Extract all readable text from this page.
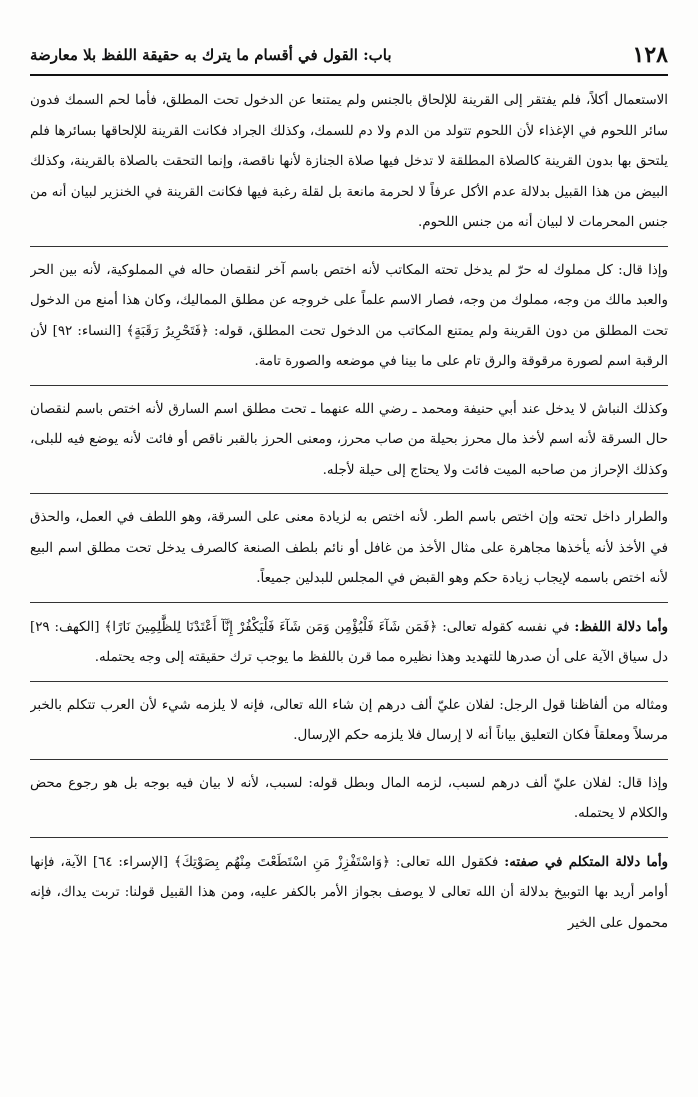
١٢٨
باب: القول في أقسام ما يترك به حقيقة اللفظ بلا معارضة

الاستعمال أكلاً، فلم يفتقر إلى القرينة للإلحاق بالجنس ولم يمتنعا عن الدخول تحت المطلق، فأما لحم السمك فدون سائر اللحوم في الإغذاء لأن اللحوم تتولد من الدم ولا دم للسمك، وكذلك الجراد فكانت القرينة للإلحاقها بسائرها فلم يلتحق بها بدون القرينة كالصلاة المطلقة لا تدخل فيها صلاة الجنازة لأنها ناقصة، وإنما التحقت بالصلاة بالقرينة، وكذلك البيض من هذا القبيل بدلالة عدم الأكل عرفاً لا لحرمة مانعة بل لقلة رغبة فيها فكانت القرينة في الخنزير لبيان أنه من جنس المحرمات لا لبيان أنه من جنس اللحوم.

وإذا قال: كل مملوك له حرّ لم يدخل تحته المكاتب لأنه اختص باسم آخر لنقصان حاله في المملوكية، لأنه بين الحر والعبد مالك من وجه، مملوك من وجه، فصار الاسم علماً على خروجه عن مطلق المماليك، وكان هذا أمنع من الدخول تحت المطلق من دون القرينة ولم يمتنع المكاتب من الدخول تحت المطلق، قوله: ﴿فَتَحْرِيرُ رَقَبَةٍ﴾ [النساء: ٩٢] لأن الرقبة اسم لصورة مرقوقة والرق تام على ما بينا في موضعه والصورة تامة.

وكذلك النباش لا يدخل عند أبي حنيفة ومحمد ـ رضي الله عنهما ـ تحت مطلق اسم السارق لأنه اختص باسم لنقصان حال السرقة لأنه اسم لأخذ مال محرز بحيلة من صاب محرز، ومعنى الحرز بالقبر ناقص أو فائت لأنه يوضع فيه للبلى، وكذلك الإحراز من صاحبه الميت فائت ولا يحتاج إلى حيلة لأجله.

والطرار داخل تحته وإن اختص باسم الطر. لأنه اختص به لزيادة معنى على السرقة، وهو اللطف في العمل، والحذق في الأخذ لأنه يأخذها مجاهرة على مثال الأخذ من غافل أو نائم بلطف الصنعة كالصرف يدخل تحت مطلق اسم البيع لأنه اختص باسمه لإيجاب زيادة حكم وهو القبض في المجلس للبدلين جميعاً.

وأما دلالة اللفظ: في نفسه كقوله تعالى: ﴿فَمَن شَآءَ فَلْيُؤْمِن وَمَن شَآءَ فَلْيَكْفُرْ إِنَّآ أَعْتَدْنَا لِلظَّٰلِمِينَ نَارًا﴾ [الكهف: ٢٩] دل سياق الآية على أن صدرها للتهديد وهذا نظيره مما قرن باللفظ ما يوجب ترك حقيقته إلى وجه يحتمله.

ومثاله من ألفاظنا قول الرجل: لفلان عليّ ألف درهم إن شاء الله تعالى، فإنه لا يلزمه شيء لأن العرب تتكلم بالخبر مرسلاً ومعلقاً فكان التعليق بياناً أنه لا إرسال فلا يلزمه حكم الإرسال.

وإذا قال: لفلان عليّ ألف درهم لسبب، لزمه المال وبطل قوله: لسبب، لأنه لا بيان فيه بوجه بل هو رجوع محض والكلام لا يحتمله.

وأما دلالة المتكلم في صفته: فكقول الله تعالى: ﴿وَاسْتَفْزِزْ مَنِ اسْتَطَعْتَ مِنْهُم بِصَوْتِكَ﴾ [الإسراء: ٦٤] الآية، فإنها أوامر أريد بها التوبيخ بدلالة أن الله تعالى لا يوصف بجواز الأمر بالكفر عليه، ومن هذا القبيل قولنا: تربت يداك، فإنه محمول على الخير
